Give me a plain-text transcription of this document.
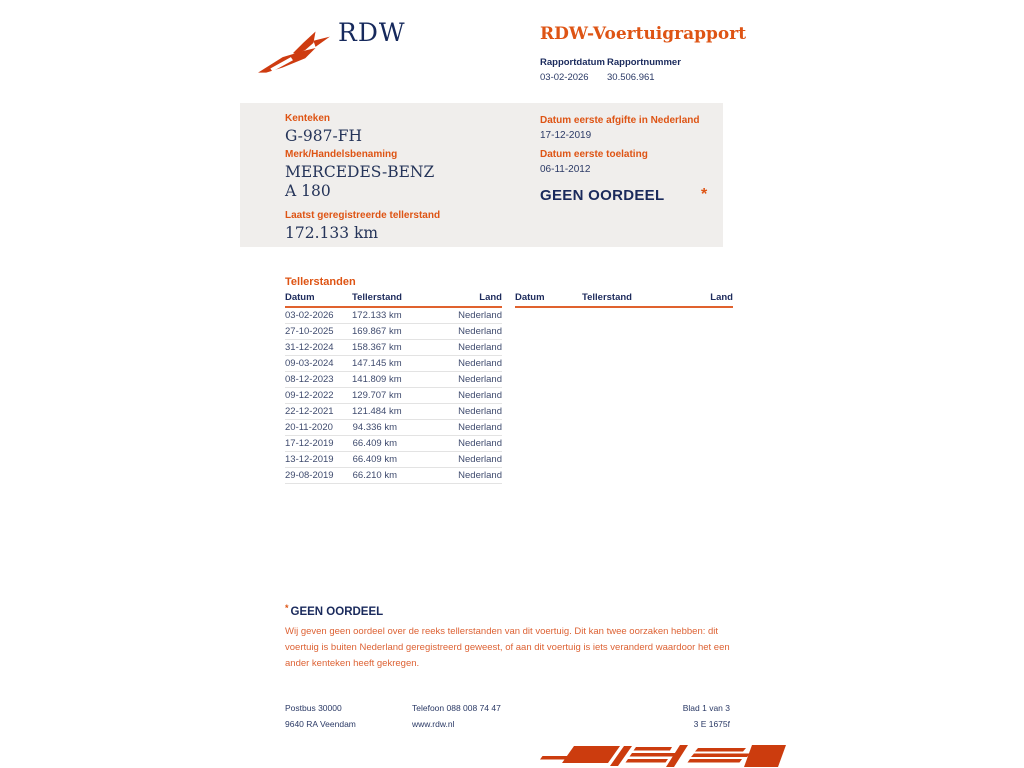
RDW	RDW-Voertuigrapport
Rapportdatum
03-02-2026
Rapportnummer
30.506.961
Kenteken
G-987-FH
Merk/Handelsbenaming
MERCEDES-BENZ A 180
Laatst geregistreerde tellerstand
172.133 km
Datum eerste afgifte in Nederland
17-12-2019
Datum eerste toelating
06-11-2012
GEEN OORDEEL *
Tellerstanden
Datum	Tellerstand	Land
03-02-2026	172.133 km	Nederland
27-10-2025	169.867 km	Nederland
31-12-2024	158.367 km	Nederland
09-03-2024	147.145 km	Nederland
08-12-2023	141.809 km	Nederland
09-12-2022	129.707 km	Nederland
22-12-2021	121.484 km	Nederland
20-11-2020	94.336 km	Nederland
17-12-2019	66.409 km	Nederland
13-12-2019	66.409 km	Nederland
29-08-2019	66.210 km	Nederland
Datum	Tellerstand	Land
* GEEN OORDEEL
Wij geven geen oordeel over de reeks tellerstanden van dit voertuig. Dit kan twee oorzaken hebben: dit voertuig is buiten Nederland geregistreerd geweest, of aan dit voertuig is iets veranderd waardoor het een ander kenteken heeft gekregen.
Postbus 30000
9640 RA Veendam
Telefoon 088 008 74 47
www.rdw.nl
Blad 1 van 3
3 E 1675f
